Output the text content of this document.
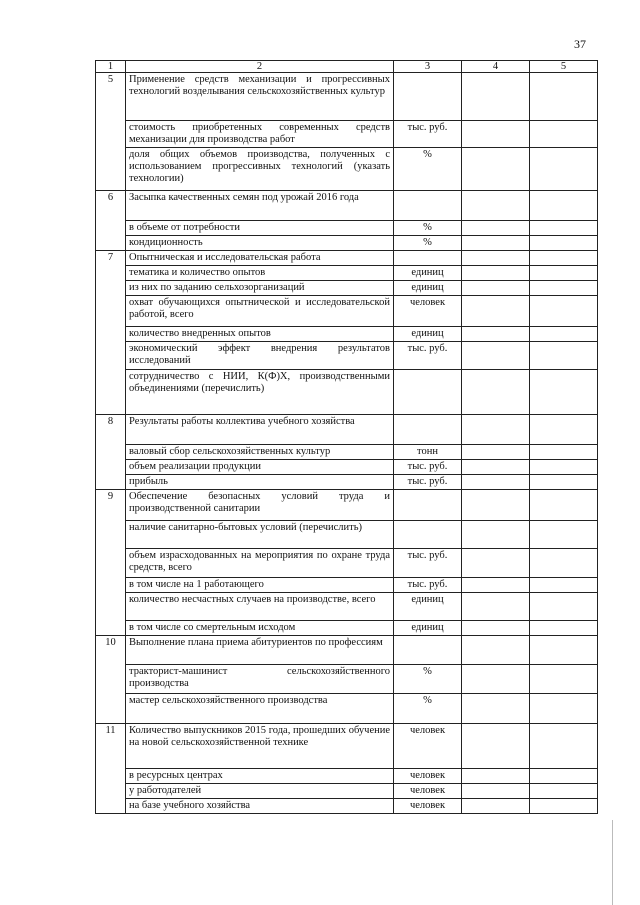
37
1	2	3	4	5
5	Применение средств механизации и прогрессивных технологий возделывания сельскохозяйственных культур			
	стоимость приобретенных современных средств механизации для производства работ	тыс. руб.		
	доля общих объемов производства, полученных с использованием прогрессивных технологий (указать технологии)	%		
6	Засыпка качественных семян под урожай 2016 года			
	в объеме от потребности	%		
	кондиционность	%		
7	Опытническая и исследовательская работа			
	тематика и количество опытов	единиц		
	из них по заданию сельхозорганизаций	единиц		
	охват обучающихся опытнической и исследовательской работой, всего	человек		
	количество внедренных опытов	единиц		
	экономический эффект внедрения результатов исследований	тыс. руб.		
	сотрудничество с НИИ, К(Ф)Х, производственными объединениями (перечислить)			
8	Результаты работы коллектива учебного хозяйства			
	валовый сбор сельскохозяйственных культур	тонн		
	объем реализации продукции	тыс. руб.		
	прибыль	тыс. руб.		
9	Обеспечение безопасных условий труда и производственной санитарии			
	наличие санитарно-бытовых условий (перечислить)			
	объем израсходованных на мероприятия по охране труда средств, всего	тыс. руб.		
	в том числе на 1 работающего	тыс. руб.		
	количество несчастных случаев на производстве, всего	единиц		
	в том числе со смертельным исходом	единиц		
10	Выполнение плана приема абитуриентов по профессиям			
	тракторист-машинист сельскохозяйственного производства	%		
	мастер сельскохозяйственного производства	%		
11	Количество выпускников 2015 года, прошедших обучение на новой сельскохозяйственной технике	человек		
	в ресурсных центрах	человек		
	у работодателей	человек		
	на базе учебного хозяйства	человек		
